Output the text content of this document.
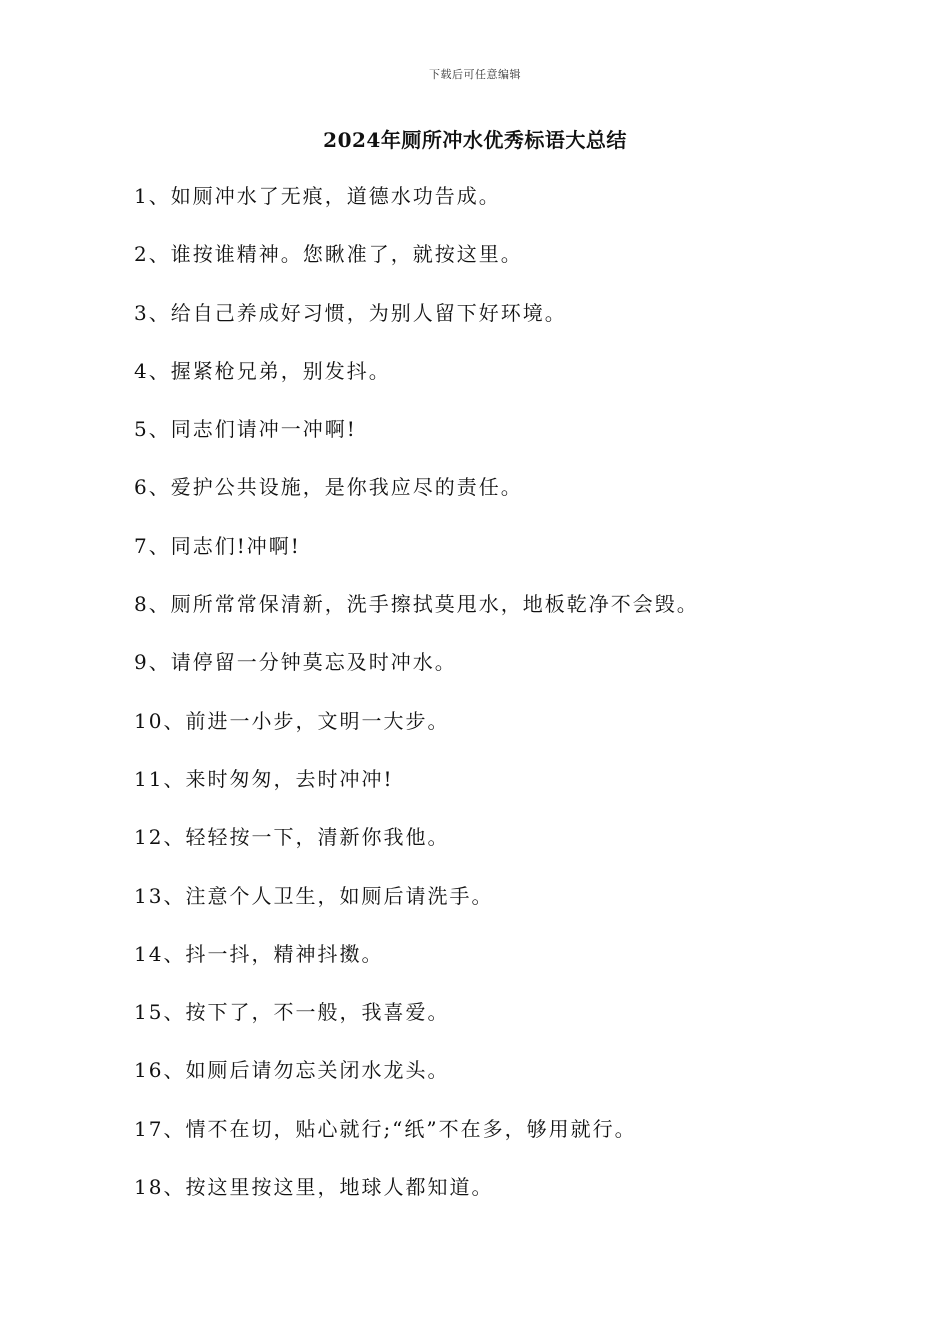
下载后可任意编辑
2024年厕所冲水优秀标语大总结
1、如厕冲水了无痕，道德水功告成。
2、谁按谁精神。您瞅准了，就按这里。
3、给自己养成好习惯，为别人留下好环境。
4、握紧枪兄弟，别发抖。
5、同志们请冲一冲啊!
6、爱护公共设施，是你我应尽的责任。
7、同志们!冲啊!
8、厕所常常保清新，洗手擦拭莫甩水，地板乾净不会毁。
9、请停留一分钟莫忘及时冲水。
10、前进一小步，文明一大步。
11、来时匆匆，去时冲冲!
12、轻轻按一下，清新你我他。
13、注意个人卫生，如厕后请洗手。
14、抖一抖，精神抖擞。
15、按下了，不一般，我喜爱。
16、如厕后请勿忘关闭水龙头。
17、情不在切，贴心就行;“纸”不在多，够用就行。
18、按这里按这里，地球人都知道。
